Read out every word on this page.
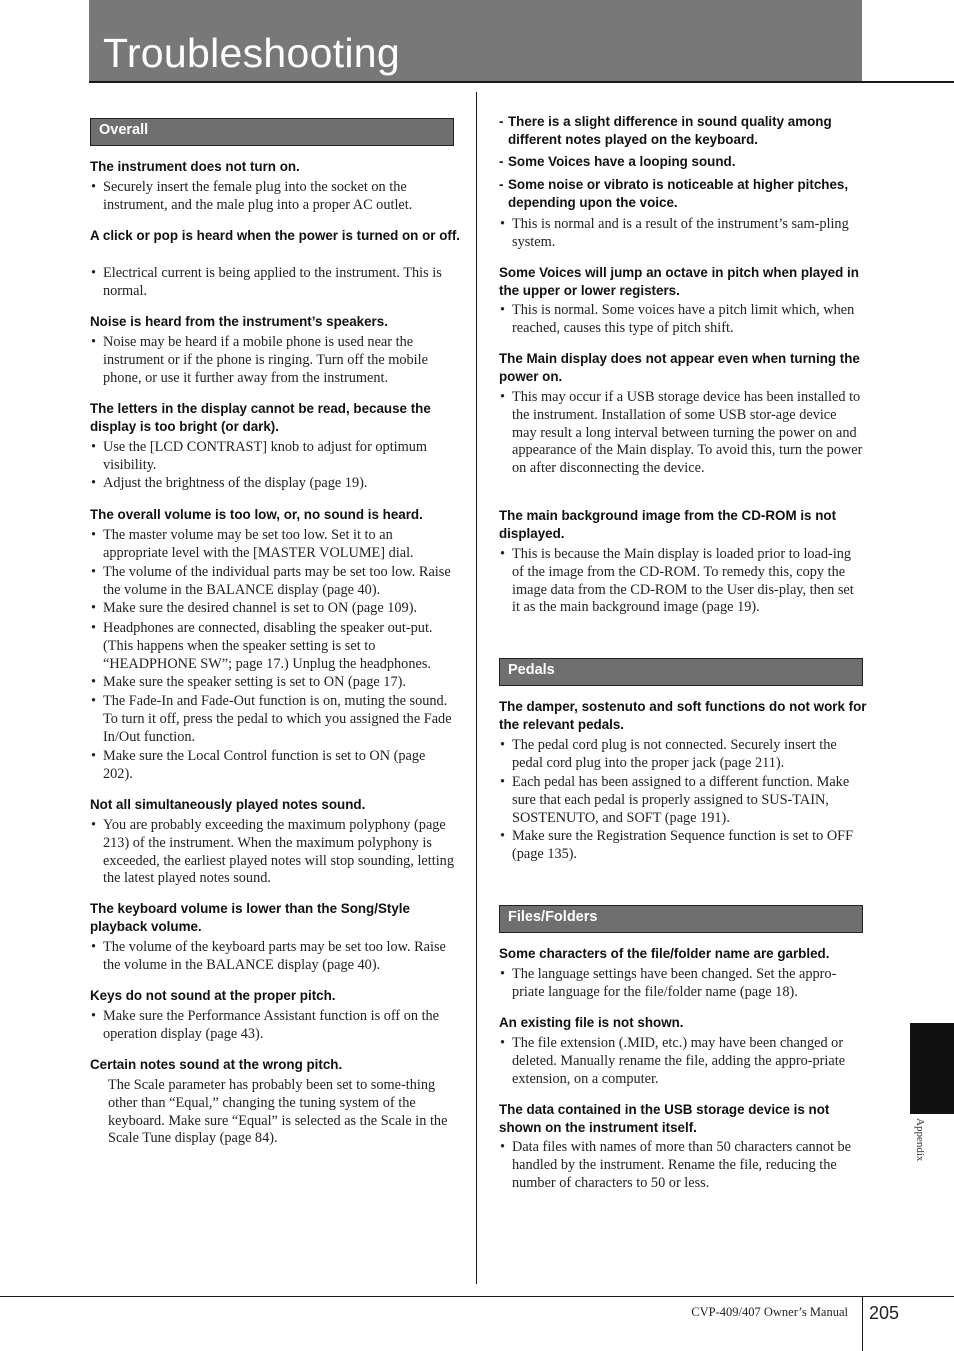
Troubleshooting
Overall
The instrument does not turn on.
• Securely insert the female plug into the socket on the instrument, and the male plug into a proper AC outlet.
A click or pop is heard when the power is turned on or off.
• Electrical current is being applied to the instrument. This is normal.
Noise is heard from the instrument’s speakers.
• Noise may be heard if a mobile phone is used near the instrument or if the phone is ringing. Turn off the mobile phone, or use it further away from the instrument.
The letters in the display cannot be read, because the display is too bright (or dark).
• Use the [LCD CONTRAST] knob to adjust for optimum visibility.
• Adjust the brightness of the display (page 19).
The overall volume is too low, or, no sound is heard.
• The master volume may be set too low. Set it to an appropriate level with the [MASTER VOLUME] dial.
• The volume of the individual parts may be set too low. Raise the volume in the BALANCE display (page 40).
• Make sure the desired channel is set to ON (page 109).
• Headphones are connected, disabling the speaker out-put. (This happens when the speaker setting is set to “HEADPHONE SW”; page 17.) Unplug the headphones.
• Make sure the speaker setting is set to ON (page 17).
• The Fade-In and Fade-Out function is on, muting the sound. To turn it off, press the pedal to which you assigned the Fade In/Out function.
• Make sure the Local Control function is set to ON (page 202).
Not all simultaneously played notes sound.
• You are probably exceeding the maximum polyphony (page 213) of the instrument. When the maximum polyphony is exceeded, the earliest played notes will stop sounding, letting the latest played notes sound.
The keyboard volume is lower than the Song/Style playback volume.
• The volume of the keyboard parts may be set too low. Raise the volume in the BALANCE display (page 40).
Keys do not sound at the proper pitch.
• Make sure the Performance Assistant function is off on the operation display (page 43).
Certain notes sound at the wrong pitch.
The Scale parameter has probably been set to some-thing other than “Equal,” changing the tuning system of the keyboard. Make sure “Equal” is selected as the Scale in the Scale Tune display (page 84).
- There is a slight difference in sound quality among different notes played on the keyboard.
- Some Voices have a looping sound.
- Some noise or vibrato is noticeable at higher pitches, depending upon the voice.
• This is normal and is a result of the instrument’s sam-pling system.
Some Voices will jump an octave in pitch when played in the upper or lower registers.
• This is normal. Some voices have a pitch limit which, when reached, causes this type of pitch shift.
The Main display does not appear even when turning the power on.
• This may occur if a USB storage device has been installed to the instrument. Installation of some USB stor-age device may result a long interval between turning the power on and appearance of the Main display. To avoid this, turn the power on after disconnecting the device.
The main background image from the CD-ROM is not displayed.
• This is because the Main display is loaded prior to load-ing of the image from the CD-ROM. To remedy this, copy the image data from the CD-ROM to the User dis-play, then set it as the main background image (page 19).
Pedals
The damper, sostenuto and soft functions do not work for the relevant pedals.
• The pedal cord plug is not connected. Securely insert the pedal cord plug into the proper jack (page 211).
• Each pedal has been assigned to a different function. Make sure that each pedal is properly assigned to SUS-TAIN, SOSTENUTO, and SOFT (page 191).
• Make sure the Registration Sequence function is set to OFF (page 135).
Files/Folders
Some characters of the file/folder name are garbled.
• The language settings have been changed. Set the appro-priate language for the file/folder name (page 18).
An existing file is not shown.
• The file extension (.MID, etc.) may have been changed or deleted. Manually rename the file, adding the appro-priate extension, on a computer.
The data contained in the USB storage device is not shown on the instrument itself.
• Data files with names of more than 50 characters cannot be handled by the instrument. Rename the file, reducing the number of characters to 50 or less.
Appendix
CVP-409/407 Owner’s Manual 205
